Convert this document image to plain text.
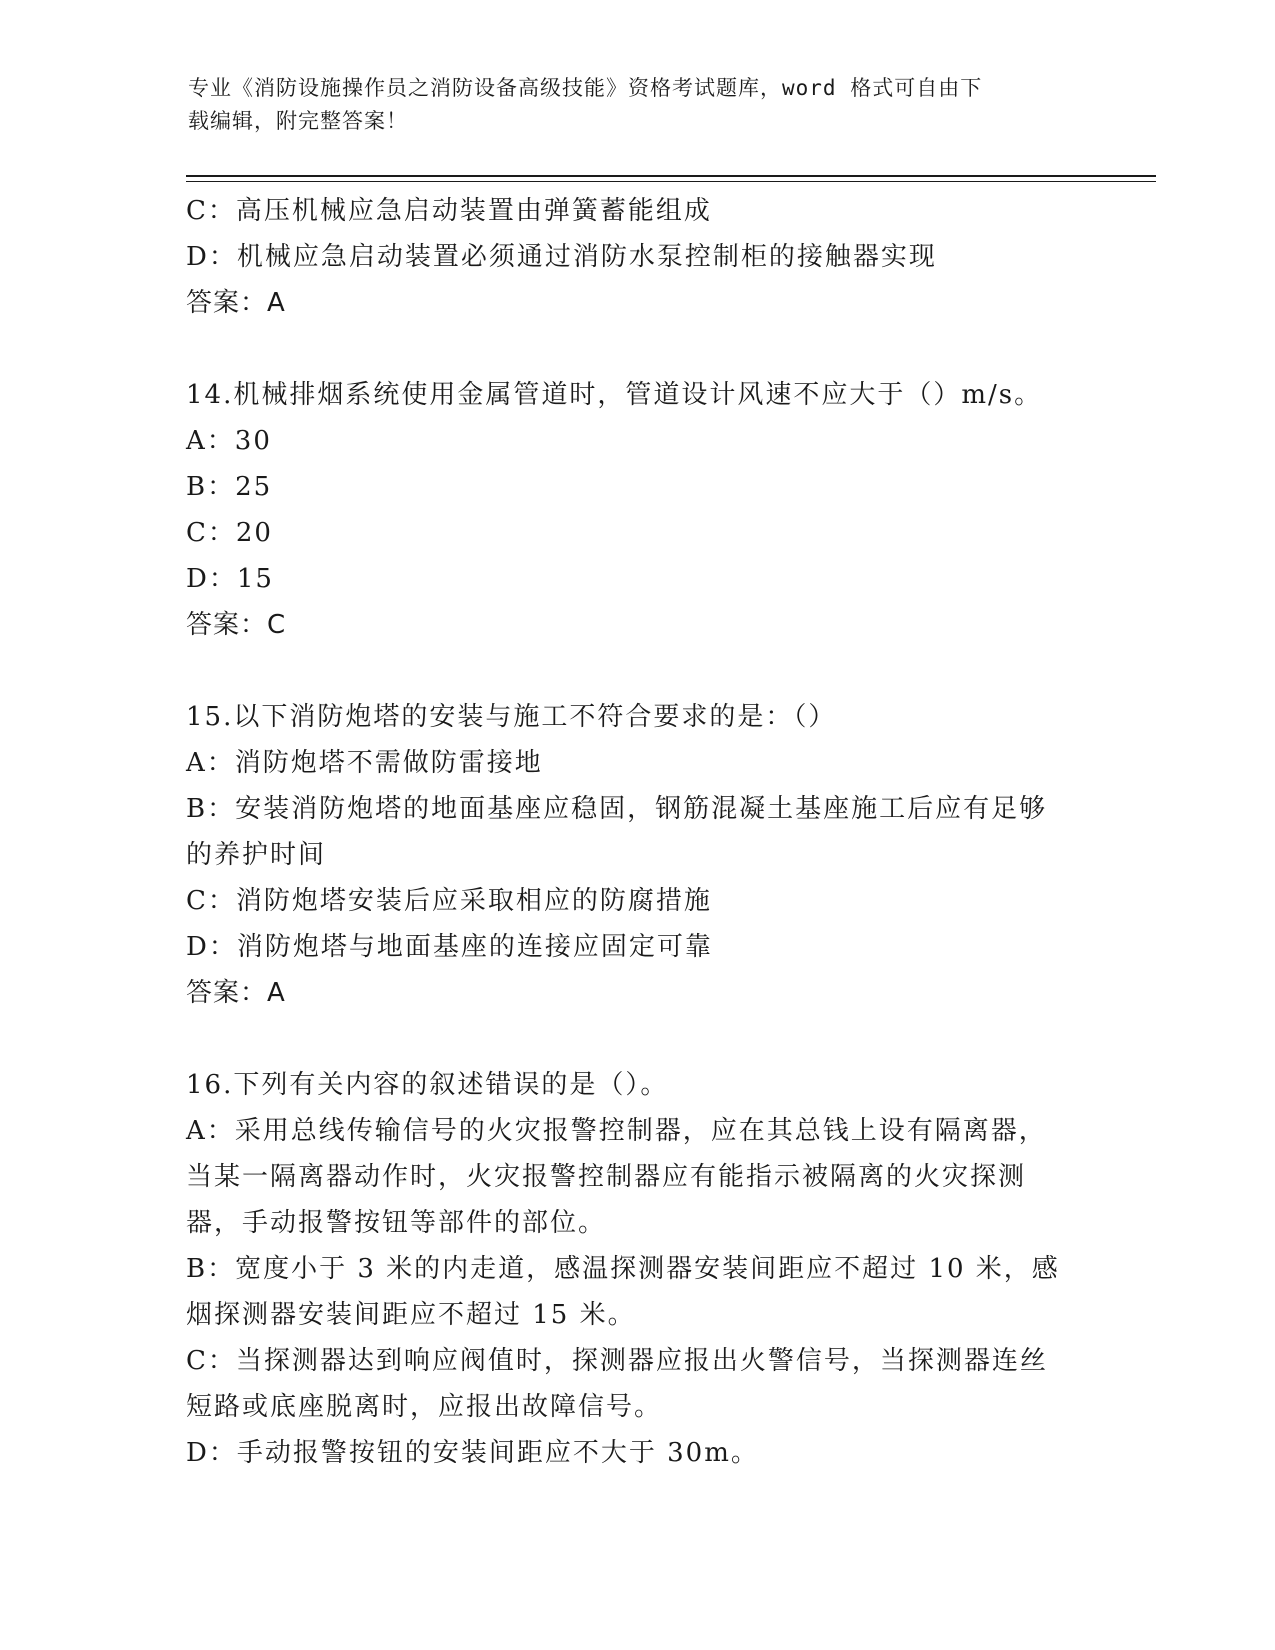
专业《消防设施操作员之消防设备高级技能》资格考试题库，word 格式可自由下
载编辑，附完整答案！
C：高压机械应急启动装置由弹簧蓄能组成
D：机械应急启动装置必须通过消防水泵控制柜的接触器实现
答案：A
14.机械排烟系统使用金属管道时，管道设计风速不应大于（）m/s。
A：30
B：25
C：20
D：15
答案：C
15.以下消防炮塔的安装与施工不符合要求的是：（）
A：消防炮塔不需做防雷接地
B：安装消防炮塔的地面基座应稳固，钢筋混凝土基座施工后应有足够
的养护时间
C：消防炮塔安装后应采取相应的防腐措施
D：消防炮塔与地面基座的连接应固定可靠
答案：A
16.下列有关内容的叙述错误的是（）。
A：采用总线传输信号的火灾报警控制器，应在其总钱上设有隔离器，
当某一隔离器动作时，火灾报警控制器应有能指示被隔离的火灾探测
器，手动报警按钮等部件的部位。
B：宽度小于 3 米的内走道，感温探测器安装间距应不超过 10 米，感
烟探测器安装间距应不超过 15 米。
C：当探测器达到响应阀值时，探测器应报出火警信号，当探测器连丝
短路或底座脱离时，应报出故障信号。
D：手动报警按钮的安装间距应不大于 30m。
